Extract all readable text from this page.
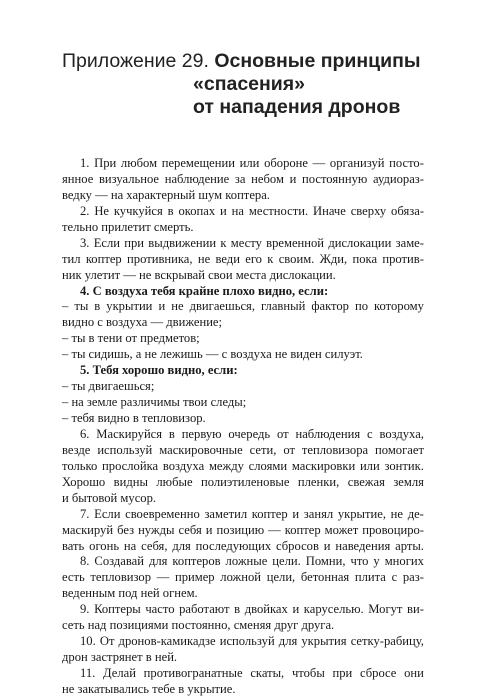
Приложение 29. Основные принципы
«спасения»
от нападения дронов
1. При любом перемещении или обороне — организуй посто-
янное визуальное наблюдение за небом и постоянную аудиораз-
ведку — на характерный шум коптера.
2. Не кучкуйся в окопах и на местности. Иначе сверху обяза-
тельно прилетит смерть.
3. Если при выдвижении к месту временной дислокации заме-
тил коптер противника, не веди его к своим. Жди, пока против-
ник улетит — не вскрывай свои места дислокации.
4. С воздуха тебя крайне плохо видно, если:
– ты в укрытии и не двигаешься, главный фактор по которому
видно с воздуха — движение;
– ты в тени от предметов;
– ты сидишь, а не лежишь — с воздуха не виден силуэт.
5. Тебя хорошо видно, если:
– ты двигаешься;
– на земле различимы твои следы;
– тебя видно в тепловизор.
6. Маскируйся в первую очередь от наблюдения с воздуха,
везде используй маскировочные сети, от тепловизора помогает
только прослойка воздуха между слоями маскировки или зонтик.
Хорошо видны любые полиэтиленовые пленки, свежая земля
и бытовой мусор.
7. Если своевременно заметил коптер и занял укрытие, не де-
маскируй без нужды себя и позицию — коптер может провоциро-
вать огонь на себя, для последующих сбросов и наведения арты.
8. Создавай для коптеров ложные цели. Помни, что у многих
есть тепловизор — пример ложной цели, бетонная плита с раз-
веденным под ней огнем.
9. Коптеры часто работают в двойках и каруселью. Могут ви-
сеть над позициями постоянно, сменяя друг друга.
10. От дронов-камикадзе используй для укрытия сетку-рабицу,
дрон застрянет в ней.
11. Делай противогранатные скаты, чтобы при сбросе они
не закатывались тебе в укрытие.
